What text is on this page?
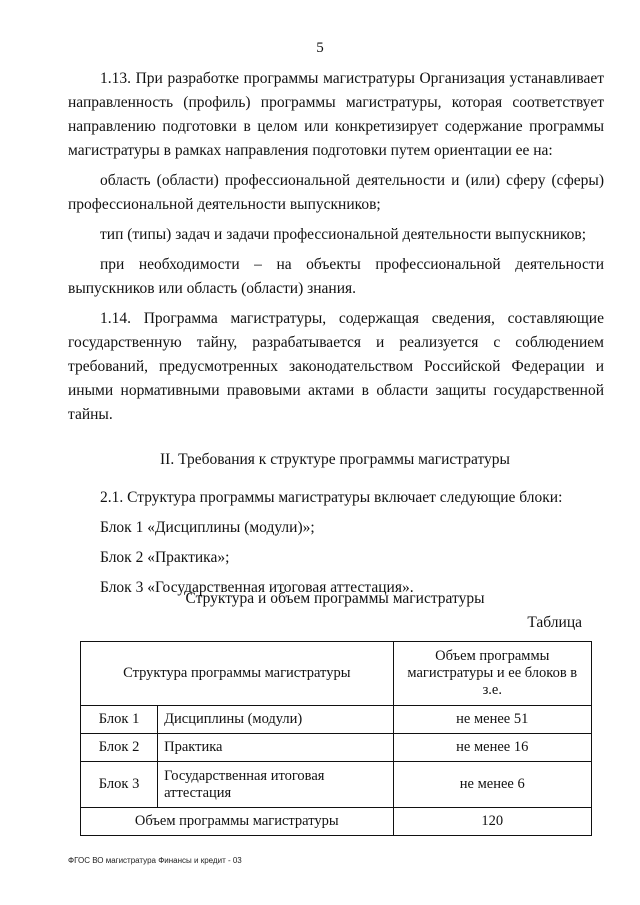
5

1.13. При разработке программы магистратуры Организация устанавливает направленность (профиль) программы магистратуры, которая соответствует направлению подготовки в целом или конкретизирует содержание программы магистратуры в рамках направления подготовки путем ориентации ее на:

область (области) профессиональной деятельности и (или) сферу (сферы) профессиональной деятельности выпускников;

тип (типы) задач и задачи профессиональной деятельности выпускников;

при необходимости – на объекты профессиональной деятельности выпускников или область (области) знания.

1.14. Программа магистратуры, содержащая сведения, составляющие государственную тайну, разрабатывается и реализуется с соблюдением требований, предусмотренных законодательством Российской Федерации и иными нормативными правовыми актами в области защиты государственной тайны.

II. Требования к структуре программы магистратуры

2.1. Структура программы магистратуры включает следующие блоки:

Блок 1 «Дисциплины (модули)»;

Блок 2 «Практика»;

Блок 3 «Государственная итоговая аттестация».

Структура и объем программы магистратуры
Таблица
Структура программы магистратуры		Объем программы магистратуры и ее блоков в з.е.
Блок 1	Дисциплины (модули)	не менее 51
Блок 2	Практика	не менее 16
Блок 3	Государственная итоговая аттестация	не менее 6
Объем программы магистратуры		120
ФГОС ВО магистратура Финансы и кредит - 03
